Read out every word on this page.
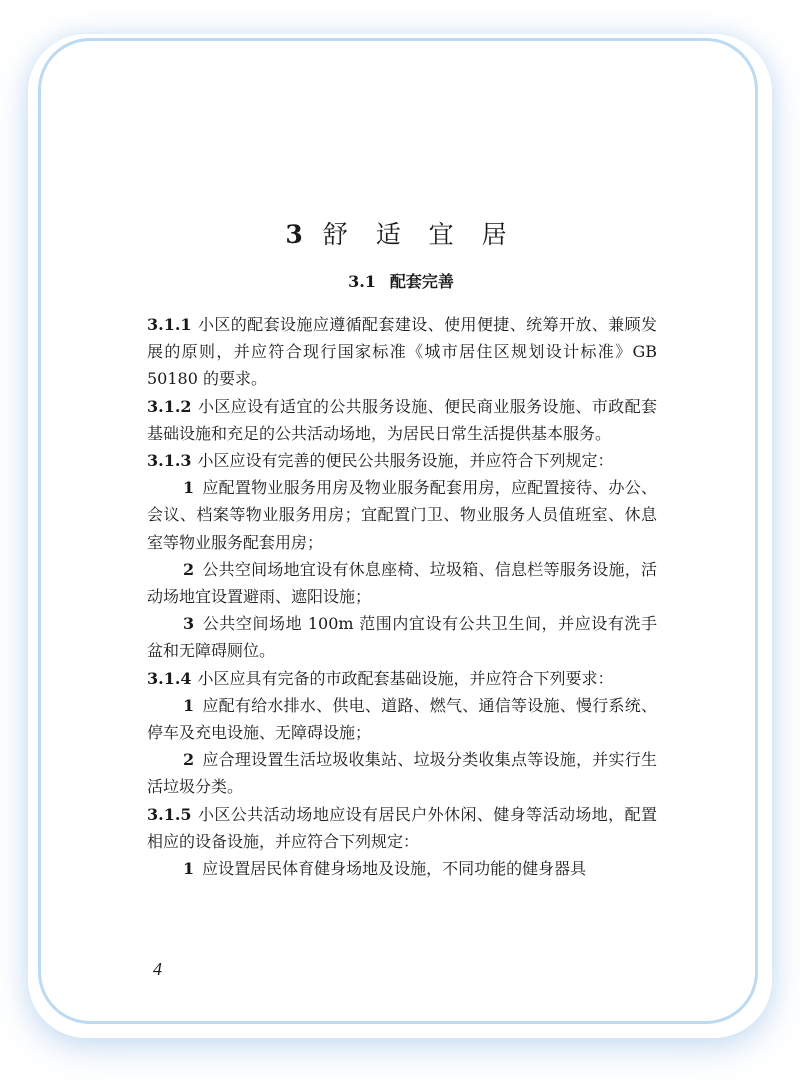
3 舒 适 宜 居
3.1 配套完善

3.1.1 小区的配套设施应遵循配套建设、使用便捷、统筹开放、兼顾发展的原则，并应符合现行国家标准《城市居住区规划设计标准》GB 50180 的要求。

3.1.2 小区应设有适宜的公共服务设施、便民商业服务设施、市政配套基础设施和充足的公共活动场地，为居民日常生活提供基本服务。

3.1.3 小区应设有完善的便民公共服务设施，并应符合下列规定：

1 应配置物业服务用房及物业服务配套用房，应配置接待、办公、会议、档案等物业服务用房；宜配置门卫、物业服务人员值班室、休息室等物业服务配套用房；

2 公共空间场地宜设有休息座椅、垃圾箱、信息栏等服务设施，活动场地宜设置避雨、遮阳设施；

3 公共空间场地 100m 范围内宜设有公共卫生间，并应设有洗手盆和无障碍厕位。

3.1.4 小区应具有完备的市政配套基础设施，并应符合下列要求：

1 应配有给水排水、供电、道路、燃气、通信等设施、慢行系统、停车及充电设施、无障碍设施；

2 应合理设置生活垃圾收集站、垃圾分类收集点等设施，并实行生活垃圾分类。

3.1.5 小区公共活动场地应设有居民户外休闲、健身等活动场地，配置相应的设备设施，并应符合下列规定：

1 应设置居民体育健身场地及设施，不同功能的健身器具

4
